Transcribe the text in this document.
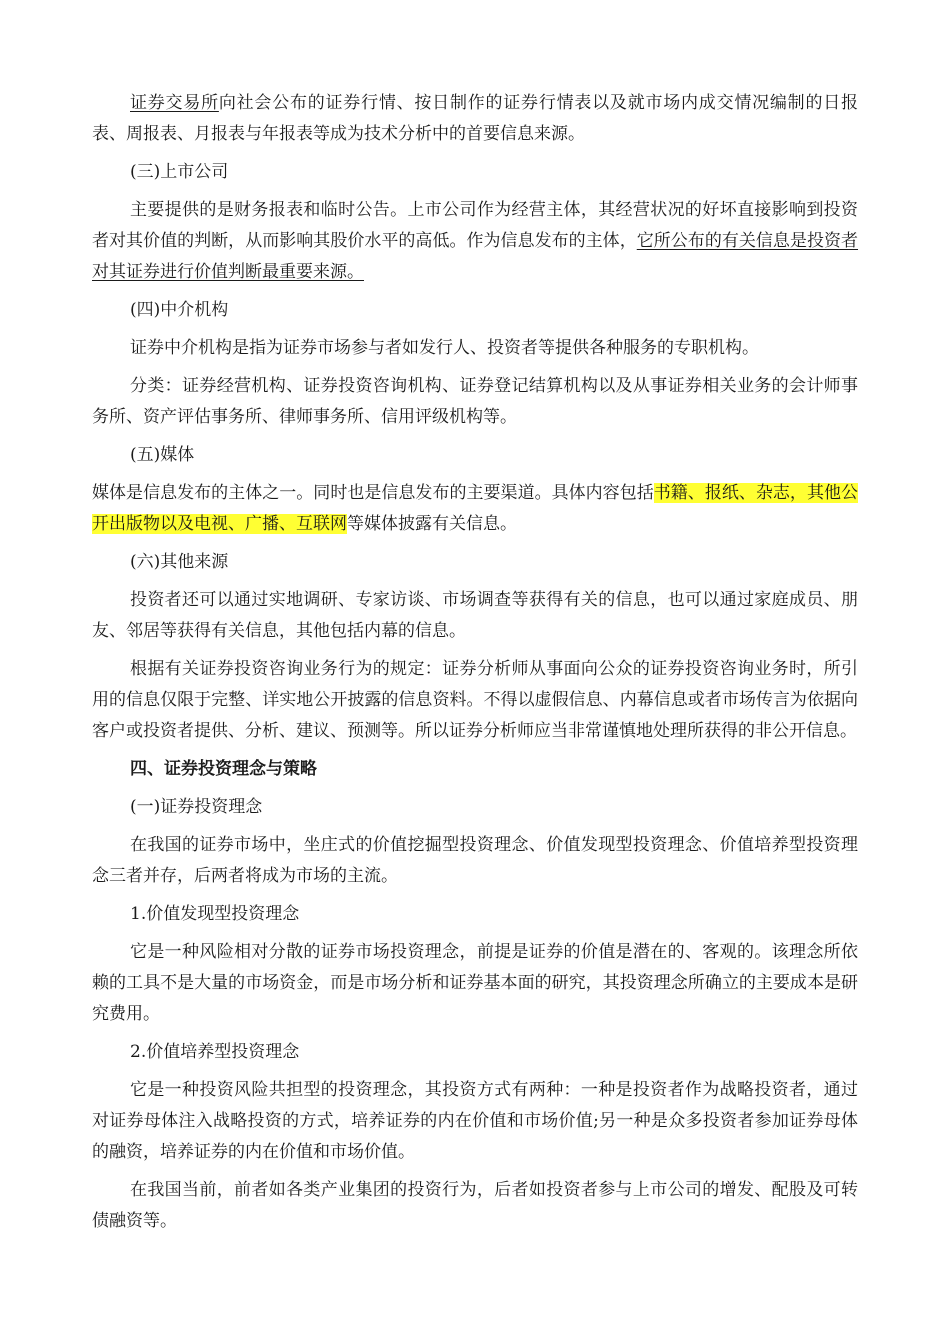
证券交易所向社会公布的证券行情、按日制作的证券行情表以及就市场内成交情况编制的日报表、周报表、月报表与年报表等成为技术分析中的首要信息来源。

(三)上市公司

主要提供的是财务报表和临时公告。上市公司作为经营主体，其经营状况的好坏直接影响到投资者对其价值的判断，从而影响其股价水平的高低。作为信息发布的主体，它所公布的有关信息是投资者对其证券进行价值判断最重要来源。

(四)中介机构

证券中介机构是指为证券市场参与者如发行人、投资者等提供各种服务的专职机构。

分类：证券经营机构、证券投资咨询机构、证券登记结算机构以及从事证券相关业务的会计师事务所、资产评估事务所、律师事务所、信用评级机构等。

(五)媒体

媒体是信息发布的主体之一。同时也是信息发布的主要渠道。具体内容包括书籍、报纸、杂志，其他公开出版物以及电视、广播、互联网等媒体披露有关信息。

(六)其他来源

投资者还可以通过实地调研、专家访谈、市场调查等获得有关的信息，也可以通过家庭成员、朋友、邻居等获得有关信息，其他包括内幕的信息。

根据有关证券投资咨询业务行为的规定：证券分析师从事面向公众的证券投资咨询业务时，所引用的信息仅限于完整、详实地公开披露的信息资料。不得以虚假信息、内幕信息或者市场传言为依据向客户或投资者提供、分析、建议、预测等。所以证券分析师应当非常谨慎地处理所获得的非公开信息。

四、证券投资理念与策略
(一)证券投资理念

在我国的证券市场中，坐庄式的价值挖掘型投资理念、价值发现型投资理念、价值培养型投资理念三者并存，后两者将成为市场的主流。

1.价值发现型投资理念

它是一种风险相对分散的证券市场投资理念，前提是证券的价值是潜在的、客观的。该理念所依赖的工具不是大量的市场资金，而是市场分析和证券基本面的研究，其投资理念所确立的主要成本是研究费用。

2.价值培养型投资理念

它是一种投资风险共担型的投资理念，其投资方式有两种：一种是投资者作为战略投资者，通过对证券母体注入战略投资的方式，培养证券的内在价值和市场价值;另一种是众多投资者参加证券母体的融资，培养证券的内在价值和市场价值。

在我国当前，前者如各类产业集团的投资行为，后者如投资者参与上市公司的增发、配股及可转债融资等。
